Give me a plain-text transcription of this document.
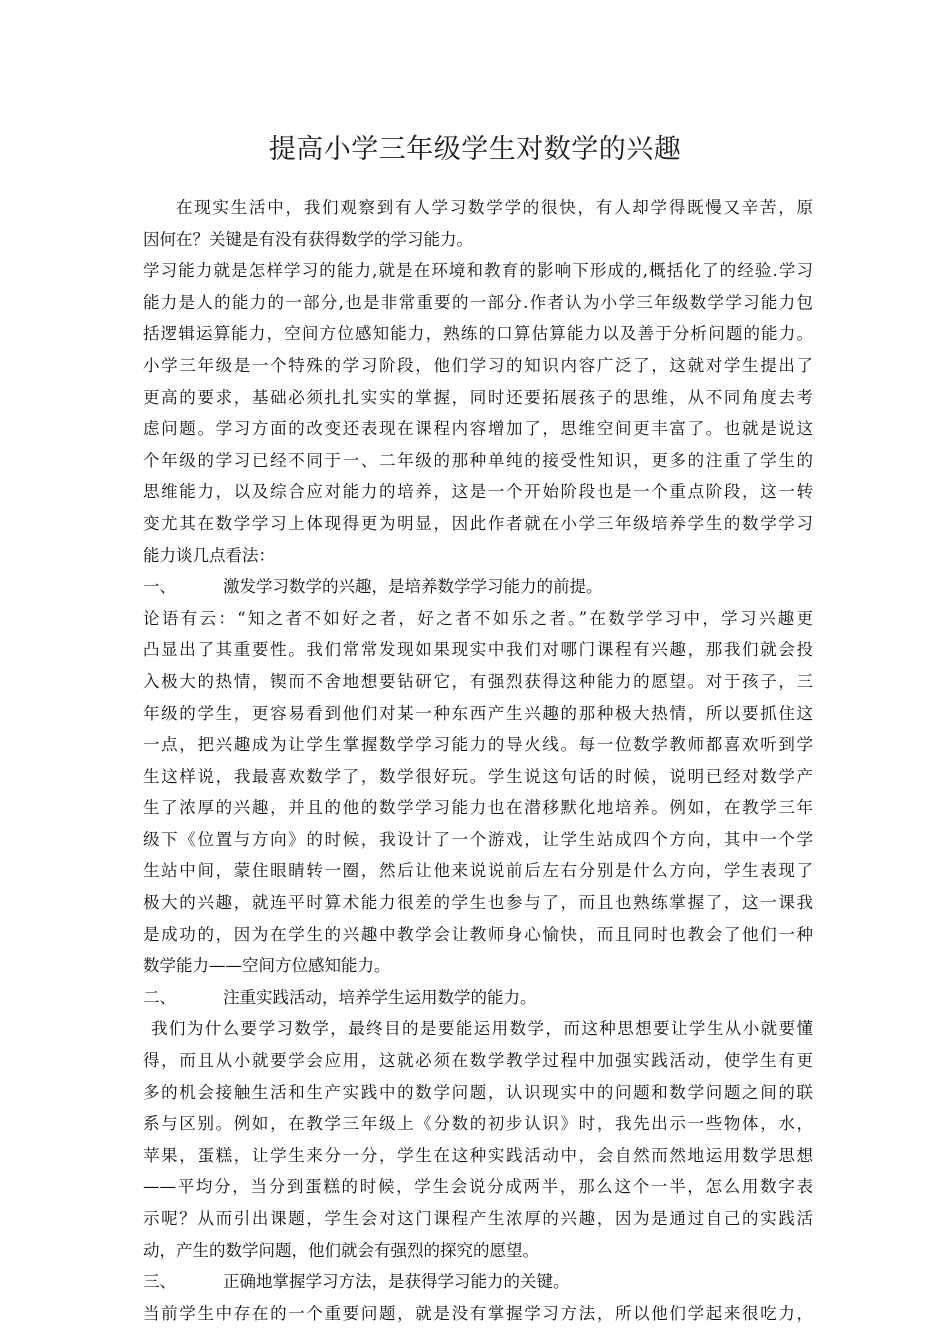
提高小学三年级学生对数学的兴趣
在现实生活中，我们观察到有人学习数学学的很快，有人却学得既慢又辛苦，原
因何在？关键是有没有获得数学的学习能力。
学习能力就是怎样学习的能力,就是在环境和教育的影响下形成的,概括化了的经验.学习
能力是人的能力的一部分,也是非常重要的一部分.作者认为小学三年级数学学习能力包
括逻辑运算能力，空间方位感知能力，熟练的口算估算能力以及善于分析问题的能力。
小学三年级是一个特殊的学习阶段，他们学习的知识内容广泛了，这就对学生提出了
更高的要求，基础必须扎扎实实的掌握，同时还要拓展孩子的思维，从不同角度去考
虑问题。学习方面的改变还表现在课程内容增加了，思维空间更丰富了。也就是说这
个年级的学习已经不同于一、二年级的那种单纯的接受性知识，更多的注重了学生的
思维能力，以及综合应对能力的培养，这是一个开始阶段也是一个重点阶段，这一转
变尤其在数学学习上体现得更为明显，因此作者就在小学三年级培养学生的数学学习
能力谈几点看法：
一、	激发学习数学的兴趣，是培养数学学习能力的前提。
论语有云：“知之者不如好之者，好之者不如乐之者。”在数学学习中，学习兴趣更
凸显出了其重要性。我们常常发现如果现实中我们对哪门课程有兴趣，那我们就会投
入极大的热情，锲而不舍地想要钻研它，有强烈获得这种能力的愿望。对于孩子，三
年级的学生，更容易看到他们对某一种东西产生兴趣的那种极大热情，所以要抓住这
一点，把兴趣成为让学生掌握数学学习能力的导火线。每一位数学教师都喜欢听到学
生这样说，我最喜欢数学了，数学很好玩。学生说这句话的时候，说明已经对数学产
生了浓厚的兴趣，并且的他的数学学习能力也在潜移默化地培养。例如，在教学三年
级下《位置与方向》的时候，我设计了一个游戏，让学生站成四个方向，其中一个学
生站中间，蒙住眼睛转一圈，然后让他来说说前后左右分别是什么方向，学生表现了
极大的兴趣，就连平时算术能力很差的学生也参与了，而且也熟练掌握了，这一课我
是成功的，因为在学生的兴趣中教学会让教师身心愉快，而且同时也教会了他们一种
数学能力——空间方位感知能力。
二、	注重实践活动，培养学生运用数学的能力。
我们为什么要学习数学，最终目的是要能运用数学，而这种思想要让学生从小就要懂
得，而且从小就要学会应用，这就必须在数学教学过程中加强实践活动，使学生有更
多的机会接触生活和生产实践中的数学问题，认识现实中的问题和数学问题之间的联
系与区别。例如，在教学三年级上《分数的初步认识》时，我先出示一些物体，水，
苹果，蛋糕，让学生来分一分，学生在这种实践活动中，会自然而然地运用数学思想
——平均分，当分到蛋糕的时候，学生会说分成两半，那么这个一半，怎么用数字表
示呢？从而引出课题，学生会对这门课程产生浓厚的兴趣，因为是通过自己的实践活
动，产生的数学问题，他们就会有强烈的探究的愿望。
三、	正确地掌握学习方法，是获得学习能力的关键。
当前学生中存在的一个重要问题，就是没有掌握学习方法，所以他们学起来很吃力，
